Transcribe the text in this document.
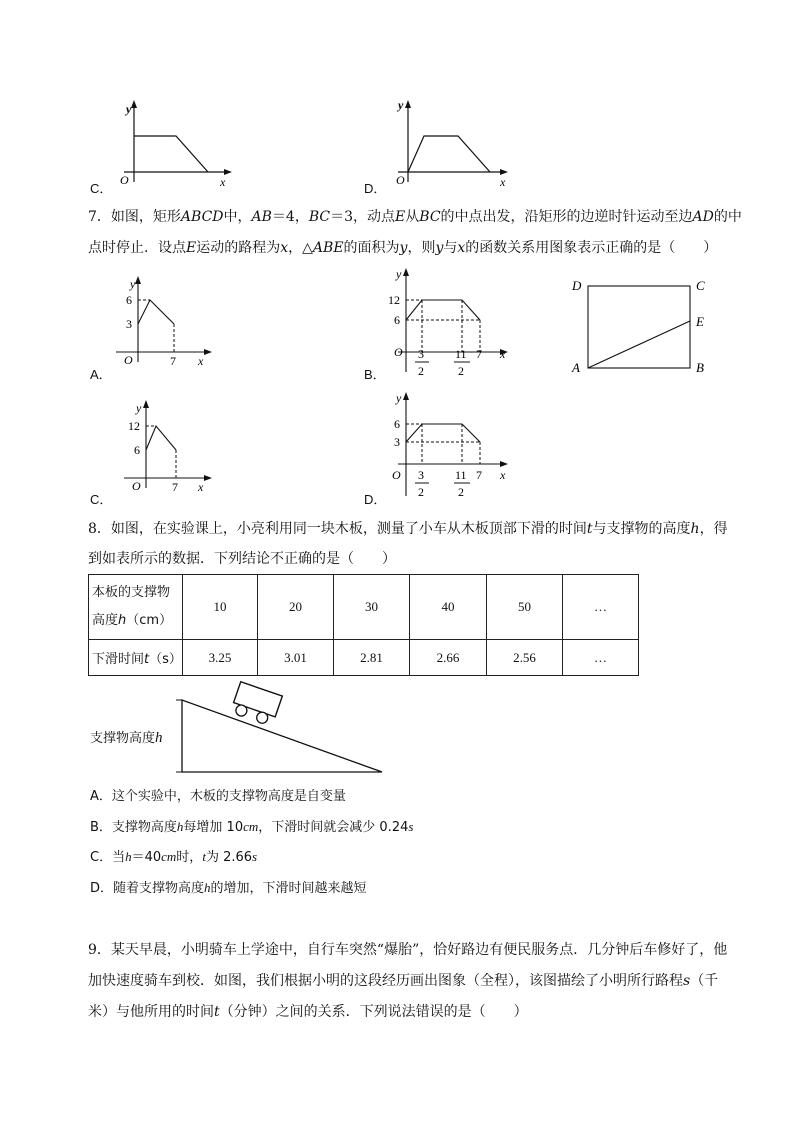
C．
y
O	x	D．
y
O	x
7．如图，矩形ABCD中，AB＝4，BC＝3，动点E从BC的中点出发，沿矩形的边逆时针运动至边AD的中
点时停止．设点E运动的路程为x，△ABE的面积为y，则y与x的函数关系用图象表示正确的是（　　）
A．
y
6
3
O	7 x
B．
y
12
6
O 3
2
11
2
7 x
D	C
E
A	B
C．
y
12
6
O	7 x
D．
y
6
3
O 3
2
11
2
7 x
8．如图，在实验课上，小亮利用同一块木板，测量了小车从木板顶部下滑的时间t与支撑物的高度h，得
到如表所示的数据．下列结论不正确的是（　　）
本板的支撑物
高度h（cm）	10	20	30	40	50	…
下滑时间t（s）	3.25	3.01	2.81	2.66	2.56	…
支撑物高度h
A．这个实验中，木板的支撑物高度是自变量
B．支撑物高度h每增加 10cm，下滑时间就会减少 0.24s
C．当h＝40cm时，t为 2.66s
D．随着支撑物高度h的增加，下滑时间越来越短
9．某天早晨，小明骑车上学途中，自行车突然“爆胎”，恰好路边有便民服务点．几分钟后车修好了，他
加快速度骑车到校．如图，我们根据小明的这段经历画出图象（全程），该图描绘了小明所行路程s（千
米）与他所用的时间t（分钟）之间的关系．下列说法错误的是（　　）
